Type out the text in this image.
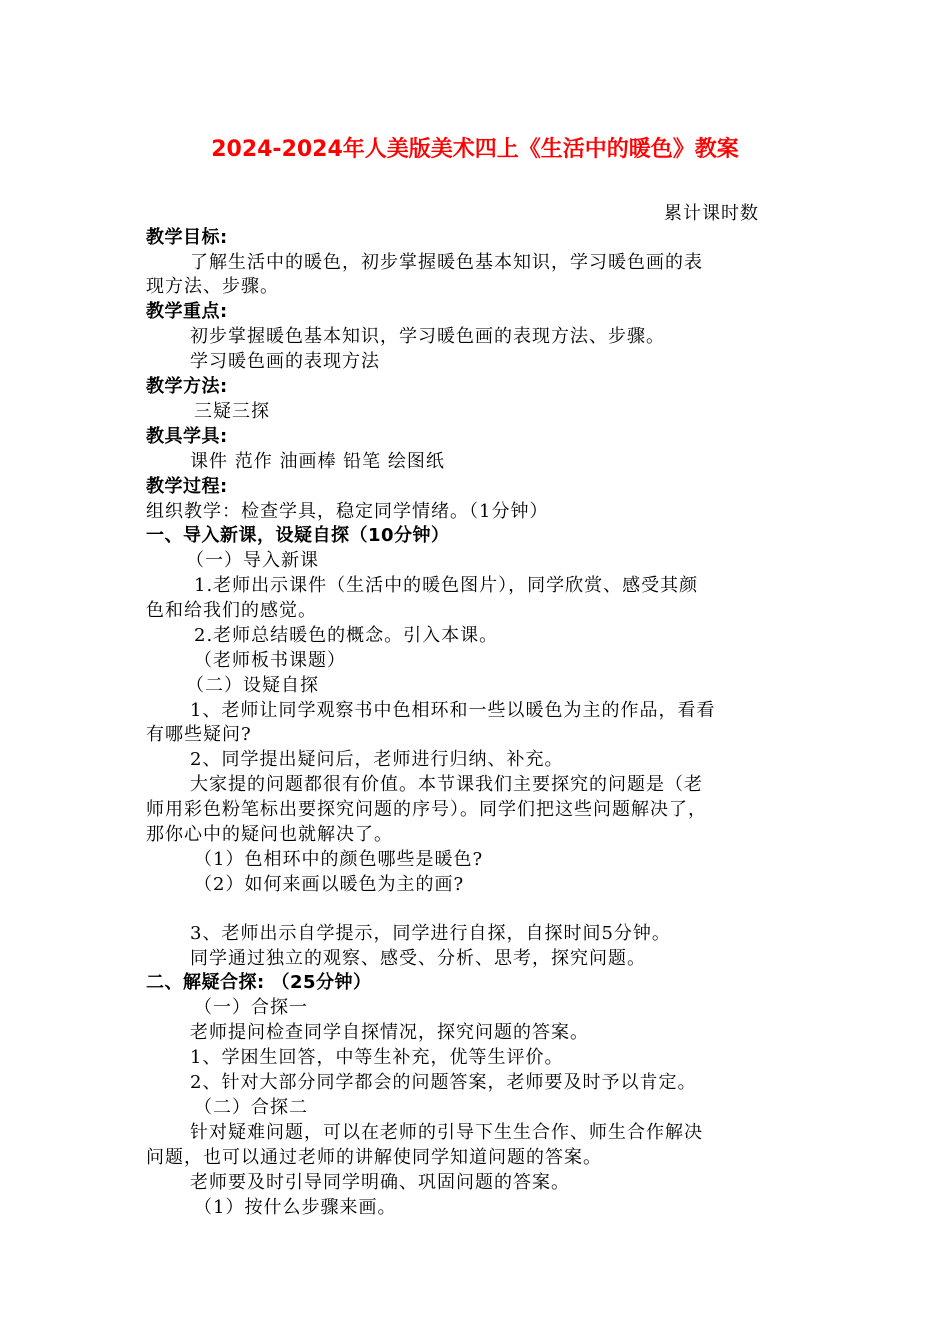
2024-2024年人美版美术四上《生活中的暖色》教案
累计课时数
教学目标:
了解生活中的暖色，初步掌握暖色基本知识，学习暖色画的表
现方法、步骤。
教学重点:
初步掌握暖色基本知识，学习暖色画的表现方法、步骤。
学习暖色画的表现方法
教学方法:
三疑三探
教具学具:
课件 范作 油画棒 铅笔 绘图纸
教学过程:
组织教学：检查学具，稳定同学情绪。（1分钟）
一、导入新课，设疑自探（10分钟）
（一）导入新课
1.老师出示课件（生活中的暖色图片），同学欣赏、感受其颜
色和给我们的感觉。
2.老师总结暖色的概念。引入本课。
（老师板书课题）
（二）设疑自探
1、老师让同学观察书中色相环和一些以暖色为主的作品，看看
有哪些疑问?
2、同学提出疑问后，老师进行归纳、补充。
大家提的问题都很有价值。本节课我们主要探究的问题是（老
师用彩色粉笔标出要探究问题的序号）。同学们把这些问题解决了，
那你心中的疑问也就解决了。
（1）色相环中的颜色哪些是暖色?
（2）如何来画以暖色为主的画?
3、老师出示自学提示，同学进行自探，自探时间5分钟。
同学通过独立的观察、感受、分析、思考，探究问题。
二、解疑合探: （25分钟）
（一）合探一
老师提问检查同学自探情况，探究问题的答案。
1、学困生回答，中等生补充，优等生评价。
2、针对大部分同学都会的问题答案，老师要及时予以肯定。
（二）合探二
针对疑难问题，可以在老师的引导下生生合作、师生合作解决
问题，也可以通过老师的讲解使同学知道问题的答案。
老师要及时引导同学明确、巩固问题的答案。
（1）按什么步骤来画。
